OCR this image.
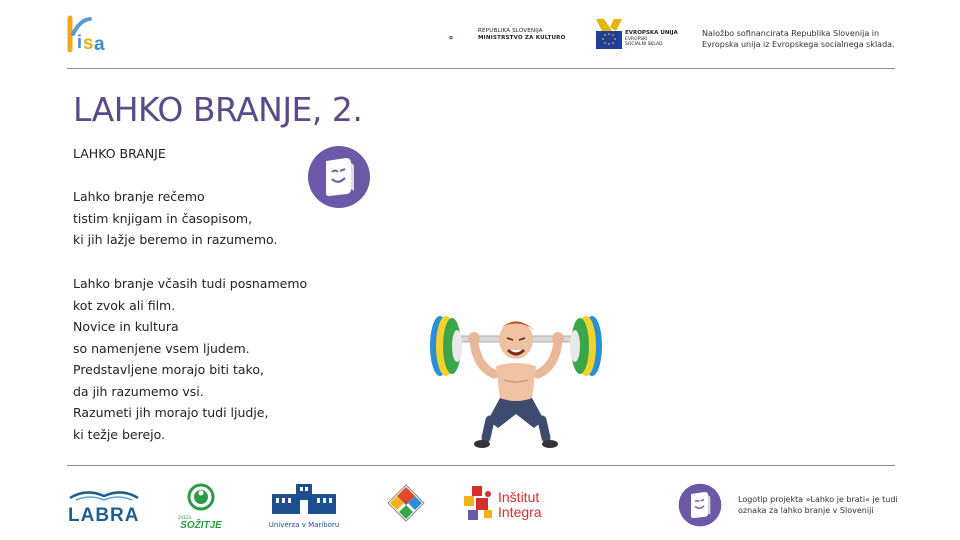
i s a
REPUBLIKA SLOVENIJA
MINISTRSTVO ZA KULTURO
EVROPSKA UNIJA
EVROPSKI
SOCIALNI SKLAD
Naložbo sofinancirata Republika Slovenija in Evropska unija iz Evropskega socialnega sklada.
LAHKO BRANJE, 2.
LAHKO BRANJE
Lahko branje rečemo
tistim knjigam in časopisom,
ki jih lažje beremo in razumemo.
Lahko branje včasih tudi posnamemo
kot zvok ali film.
Novice in kultura
so namenjene vsem ljudem.
Predstavljene morajo biti tako,
da jih razumemo vsi.
Razumeti jih morajo tudi ljudje,
ki težje berejo.
LABRA	ZVEZA
SOŽITJE	Univerza v Mariboru
Inštitut
Integra
Logotip projekta »Lahko je brati« je tudi oznaka za lahko branje v Sloveniji
